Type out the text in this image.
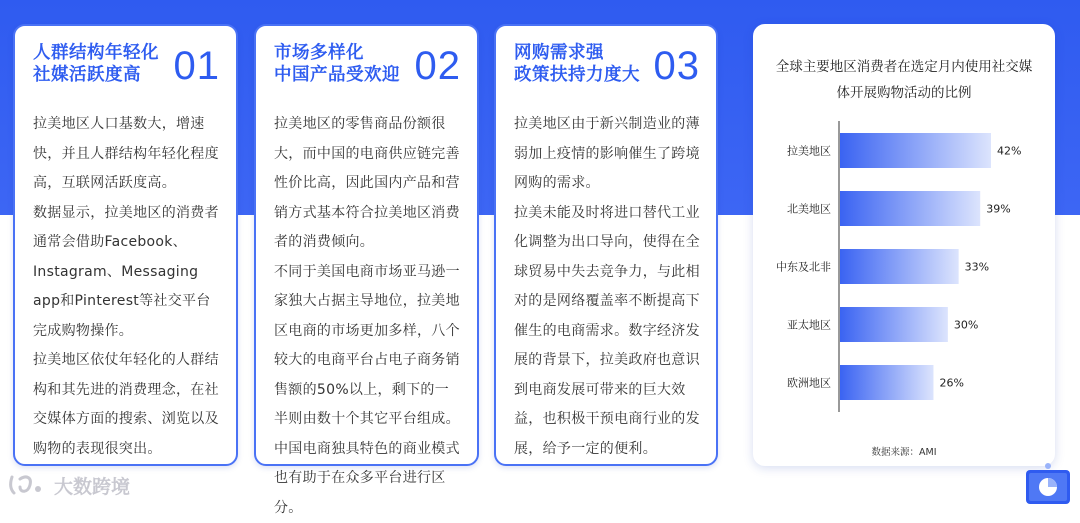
人群结构年轻化
社媒活跃度高 01

拉美地区人口基数大，增速快，并且人群结构年轻化程度高，互联网活跃度高。

数据显示，拉美地区的消费者通常会借助Facebook、Instagram、Messaging app和Pinterest等社交平台完成购物操作。

拉美地区依仗年轻化的人群结构和其先进的消费理念，在社交媒体方面的搜索、浏览以及购物的表现很突出。

市场多样化
中国产品受欢迎 02

拉美地区的零售商品份额很大，而中国的电商供应链完善性价比高，因此国内产品和营销方式基本符合拉美地区消费者的消费倾向。

不同于美国电商市场亚马逊一家独大占据主导地位，拉美地区电商的市场更加多样，八个较大的电商平台占电子商务销售额的50%以上，剩下的一半则由数十个其它平台组成。中国电商独具特色的商业模式也有助于在众多平台进行区分。

网购需求强
政策扶持力度大 03

拉美地区由于新兴制造业的薄弱加上疫情的影响催生了跨境网购的需求。

拉美未能及时将进口替代工业化调整为出口导向，使得在全球贸易中失去竞争力，与此相对的是网络覆盖率不断提高下催生的电商需求。数字经济发展的背景下，拉美政府也意识到电商发展可带来的巨大效益，也积极干预电商行业的发展，给予一定的便利。

全球主要地区消费者在选定月内使用社交媒体开展购物活动的比例
拉美地区	42%
北美地区	39%
中东及北非	33%
亚太地区	30%
欧洲地区	26%
数据来源：AMI
大数跨境
